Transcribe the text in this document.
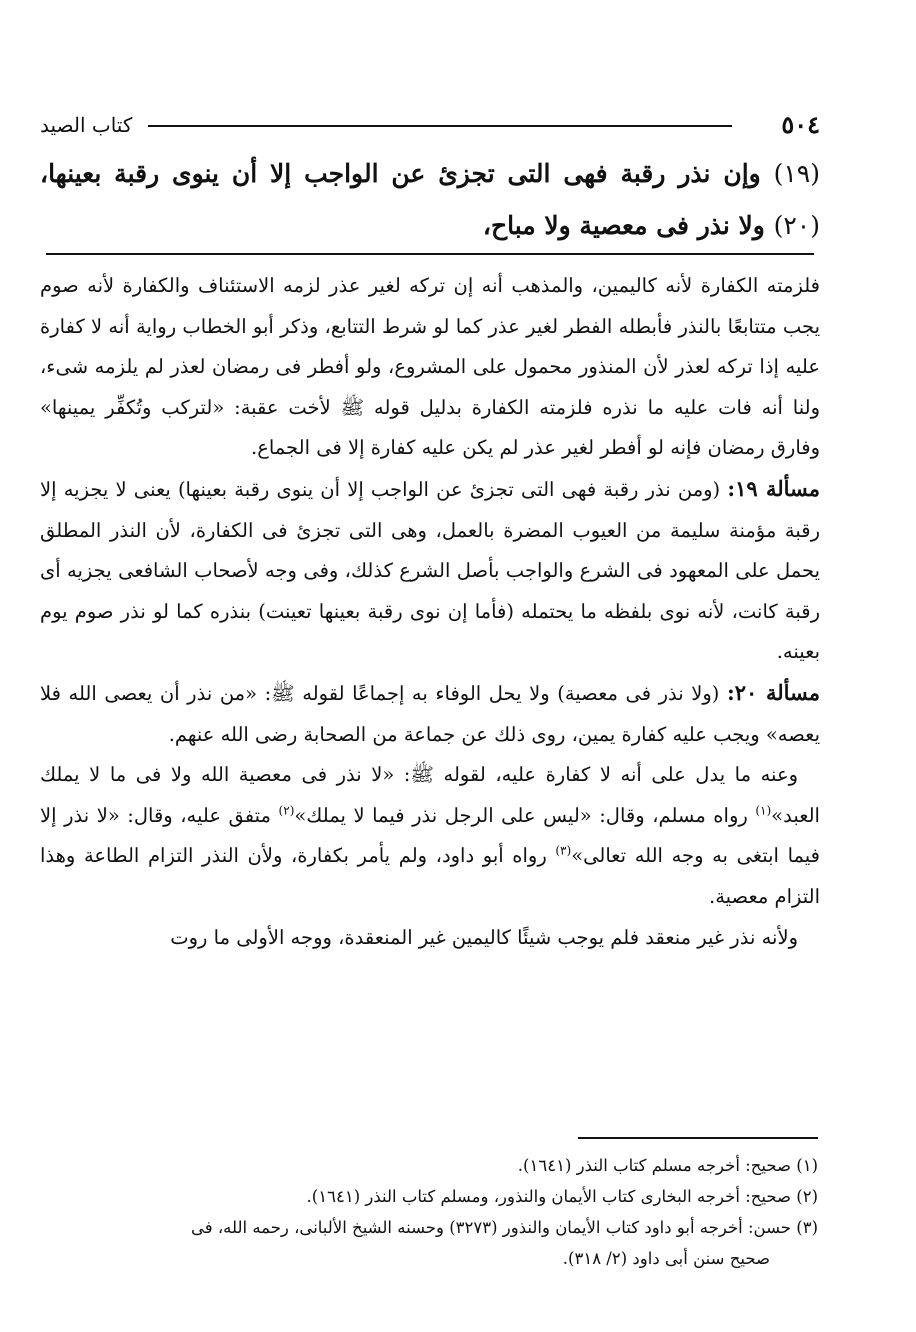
٥٠٤
كتاب الصيد
(١٩) وإن نذر رقبة فهى التى تجزئ عن الواجب إلا أن ينوى رقبة بعينها، (٢٠) ولا نذر فى معصية ولا مباح،

فلزمته الكفارة لأنه كاليمين، والمذهب أنه إن تركه لغير عذر لزمه الاستئناف والكفارة لأنه صوم يجب متتابعًا بالنذر فأبطله الفطر لغير عذر كما لو شرط التتابع، وذكر أبو الخطاب رواية أنه لا كفارة عليه إذا تركه لعذر لأن المنذور محمول على المشروع، ولو أفطر فى رمضان لعذر لم يلزمه شىء، ولنا أنه فات عليه ما نذره فلزمته الكفارة بدليل قوله ﷺ لأخت عقبة: «لتركب وتُكفِّر يمينها» وفارق رمضان فإنه لو أفطر لغير عذر لم يكن عليه كفارة إلا فى الجماع.

مسألة ١٩: (ومن نذر رقبة فهى التى تجزئ عن الواجب إلا أن ينوى رقبة بعينها) يعنى لا يجزيه إلا رقبة مؤمنة سليمة من العيوب المضرة بالعمل، وهى التى تجزئ فى الكفارة، لأن النذر المطلق يحمل على المعهود فى الشرع والواجب بأصل الشرع كذلك، وفى وجه لأصحاب الشافعى يجزيه أى رقبة كانت، لأنه نوى بلفظه ما يحتمله (فأما إن نوى رقبة بعينها تعينت) بنذره كما لو نذر صوم يوم بعينه.

مسألة ٢٠: (ولا نذر فى معصية) ولا يحل الوفاء به إجماعًا لقوله ﷺ: «من نذر أن يعصى الله فلا يعصه» ويجب عليه كفارة يمين، روى ذلك عن جماعة من الصحابة رضى الله عنهم.

وعنه ما يدل على أنه لا كفارة عليه، لقوله ﷺ: «لا نذر فى معصية الله ولا فى ما لا يملك العبد»$^{(١)}$ رواه مسلم، وقال: «ليس على الرجل نذر فيما لا يملك»$^{(٢)}$ متفق عليه، وقال: «لا نذر إلا فيما ابتغى به وجه الله تعالى»$^{(٣)}$ رواه أبو داود، ولم يأمر بكفارة، ولأن النذر التزام الطاعة وهذا التزام معصية.

ولأنه نذر غير منعقد فلم يوجب شيئًا كاليمين غير المنعقدة، ووجه الأولى ما روت

(١) صحيح: أخرجه مسلم كتاب النذر (١٦٤١).

(٢) صحيح: أخرجه البخارى كتاب الأيمان والنذور، ومسلم كتاب النذر (١٦٤١).

(٣) حسن: أخرجه أبو داود كتاب الأيمان والنذور (٣٢٧٣) وحسنه الشيخ الألبانى، رحمه الله، فى

صحيح سنن أبى داود (٢/ ٣١٨).
